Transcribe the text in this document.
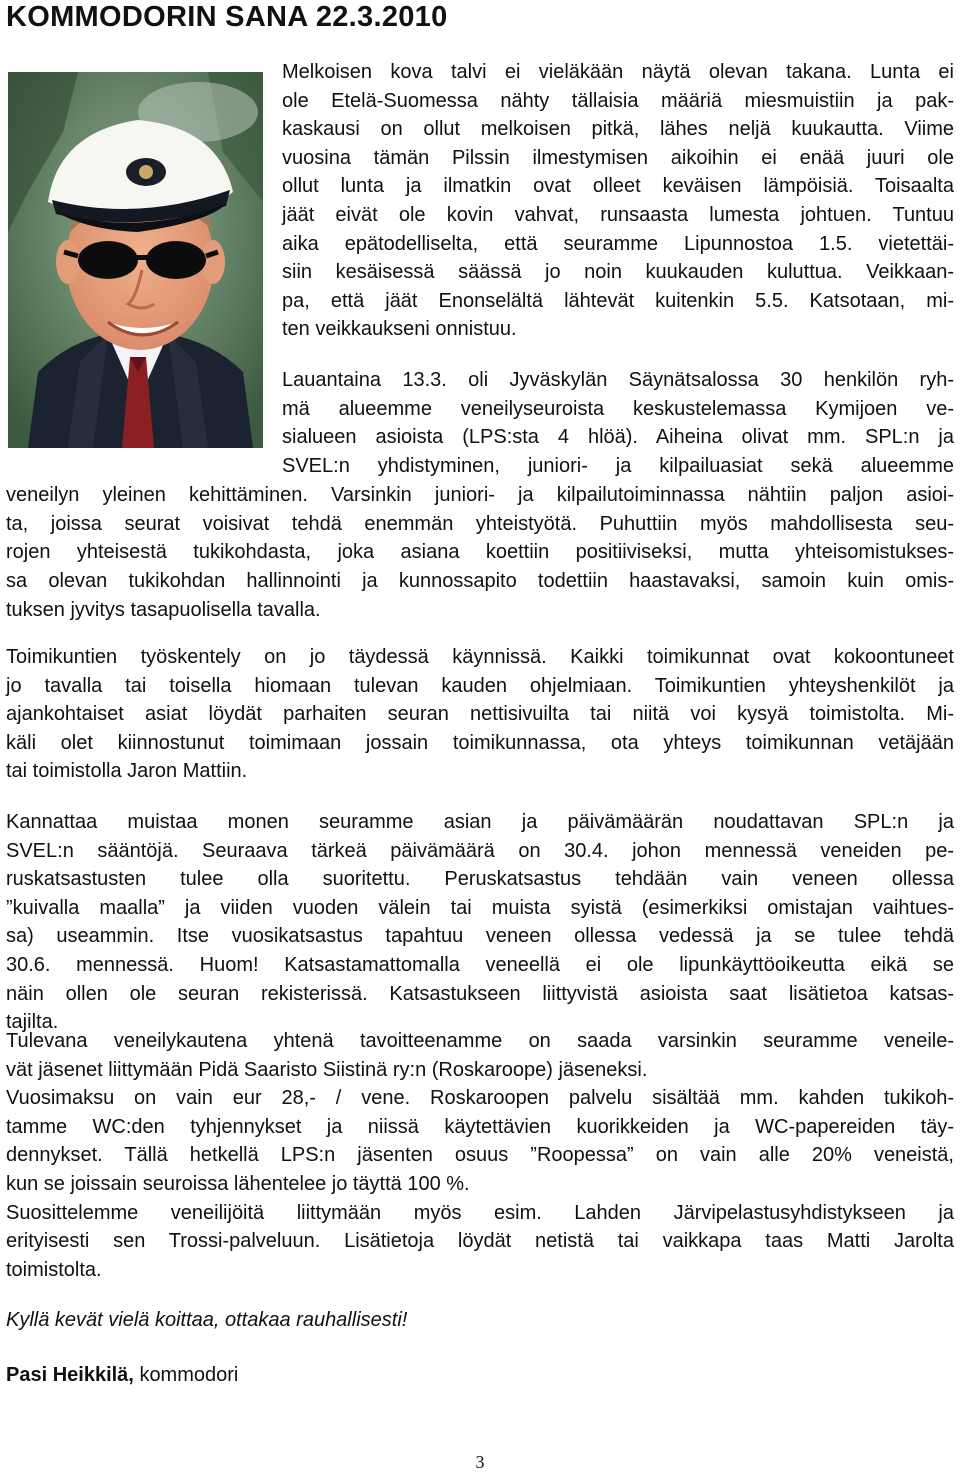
KOMMODORIN SANA 22.3.2010
Melkoisen kova talvi ei vieläkään näytä olevan takana. Lunta ei
ole Etelä-Suomessa nähty tällaisia määriä miesmuistiin ja pak-
kaskausi on ollut melkoisen pitkä, lähes neljä kuukautta. Viime
vuosina tämän Pilssin ilmestymisen aikoihin ei enää juuri ole
ollut lunta ja ilmatkin ovat olleet keväisen lämpöisiä. Toisaalta
jäät eivät ole kovin vahvat, runsaasta lumesta johtuen. Tuntuu
aika epätodelliselta, että seuramme Lipunnostoa 1.5. vietettäi-
siin kesäisessä säässä jo noin kuukauden kuluttua. Veikkaan-
pa, että jäät Enonselältä lähtevät kuitenkin 5.5. Katsotaan, mi-
ten veikkaukseni onnistuu.
Lauantaina 13.3. oli Jyväskylän Säynätsalossa 30 henkilön ryh-
mä alueemme veneilyseuroista keskustelemassa Kymijoen ve-
sialueen asioista (LPS:sta 4 hlöä). Aiheina olivat mm. SPL:n ja
SVEL:n yhdistyminen, juniori- ja kilpailuasiat sekä alueemme
veneilyn yleinen kehittäminen. Varsinkin juniori- ja kilpailutoiminnassa nähtiin paljon asioi-
ta, joissa seurat voisivat tehdä enemmän yhteistyötä. Puhuttiin myös mahdollisesta seu-
rojen yhteisestä tukikohdasta, joka asiana koettiin positiiviseksi, mutta yhteisomistukses-
sa olevan tukikohdan hallinnointi ja kunnossapito todettiin haastavaksi, samoin kuin omis-
tuksen jyvitys tasapuolisella tavalla.
Toimikuntien työskentely on jo täydessä käynnissä. Kaikki toimikunnat ovat kokoontuneet
jo tavalla tai toisella hiomaan tulevan kauden ohjelmiaan. Toimikuntien yhteyshenkilöt ja
ajankohtaiset asiat löydät parhaiten seuran nettisivuilta tai niitä voi kysyä toimistolta. Mi-
käli olet kiinnostunut toimimaan jossain toimikunnassa, ota yhteys toimikunnan vetäjään
tai toimistolla Jaron Mattiin.
Kannattaa muistaa monen seuramme asian ja päivämäärän noudattavan SPL:n ja
SVEL:n sääntöjä. Seuraava tärkeä päivämäärä on 30.4. johon mennessä veneiden pe-
ruskatsastusten tulee olla suoritettu. Peruskatsastus tehdään vain veneen ollessa
”kuivalla maalla” ja viiden vuoden välein tai muista syistä (esimerkiksi omistajan vaihtues-
sa) useammin. Itse vuosikatsastus tapahtuu veneen ollessa vedessä ja se tulee tehdä
30.6. mennessä. Huom! Katsastamattomalla veneellä ei ole lipunkäyttöoikeutta eikä se
näin ollen ole seuran rekisterissä. Katsastukseen liittyvistä asioista saat lisätietoa katsas-
tajilta.
Tulevana veneilykautena yhtenä tavoitteenamme on saada varsinkin seuramme veneile-
vät jäsenet liittymään Pidä Saaristo Siistinä ry:n (Roskaroope) jäseneksi.
Vuosimaksu on vain eur 28,- / vene. Roskaroopen palvelu sisältää mm. kahden tukikoh-
tamme WC:den tyhjennykset ja niissä käytettävien kuorikkeiden ja WC-papereiden täy-
dennykset. Tällä hetkellä LPS:n jäsenten osuus ”Roopessa” on vain alle 20% veneistä,
kun se joissain seuroissa lähentelee jo täyttä 100 %.
Suosittelemme veneilijöitä liittymään myös esim. Lahden Järvipelastusyhdistykseen ja
erityisesti sen Trossi-palveluun. Lisätietoja löydät netistä tai vaikkapa taas Matti Jarolta
toimistolta.
Kyllä kevät vielä koittaa, ottakaa rauhallisesti!
Pasi Heikkilä, kommodori
3
